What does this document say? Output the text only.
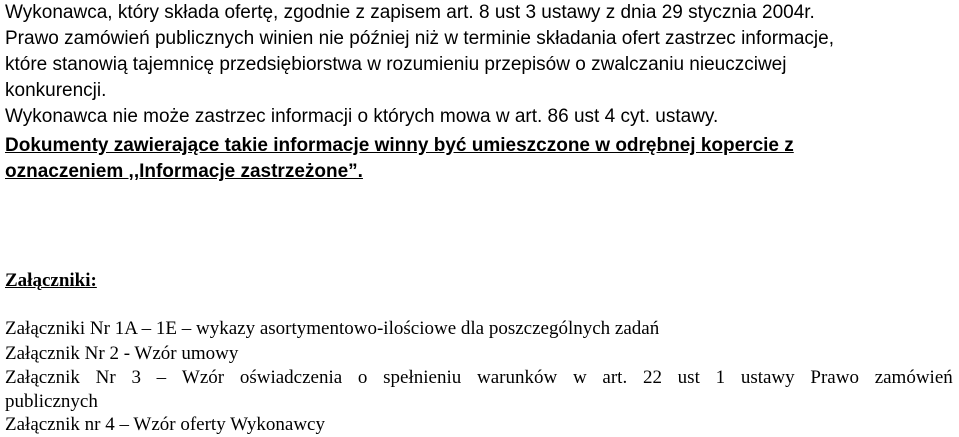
Wykonawca, który składa ofertę, zgodnie z zapisem art. 8 ust 3 ustawy z dnia 29 stycznia 2004r.
Prawo zamówień publicznych winien nie później niż w terminie składania ofert zastrzec informacje,
które stanowią tajemnicę przedsiębiorstwa w rozumieniu przepisów o zwalczaniu nieuczciwej
konkurencji.
Wykonawca nie może zastrzec informacji o których mowa w art. 86 ust 4 cyt. ustawy.
Dokumenty zawierające takie informacje winny być umieszczone w odrębnej kopercie z
oznaczeniem ,,Informacje zastrzeżone”.
Załączniki:
Załączniki Nr 1A – 1E – wykazy asortymentowo-ilościowe dla poszczególnych zadań
Załącznik Nr 2 - Wzór umowy
Załącznik Nr 3 – Wzór oświadczenia o spełnieniu warunków w art. 22 ust 1 ustawy Prawo zamówień
publicznych
Załącznik nr 4 – Wzór oferty Wykonawcy
